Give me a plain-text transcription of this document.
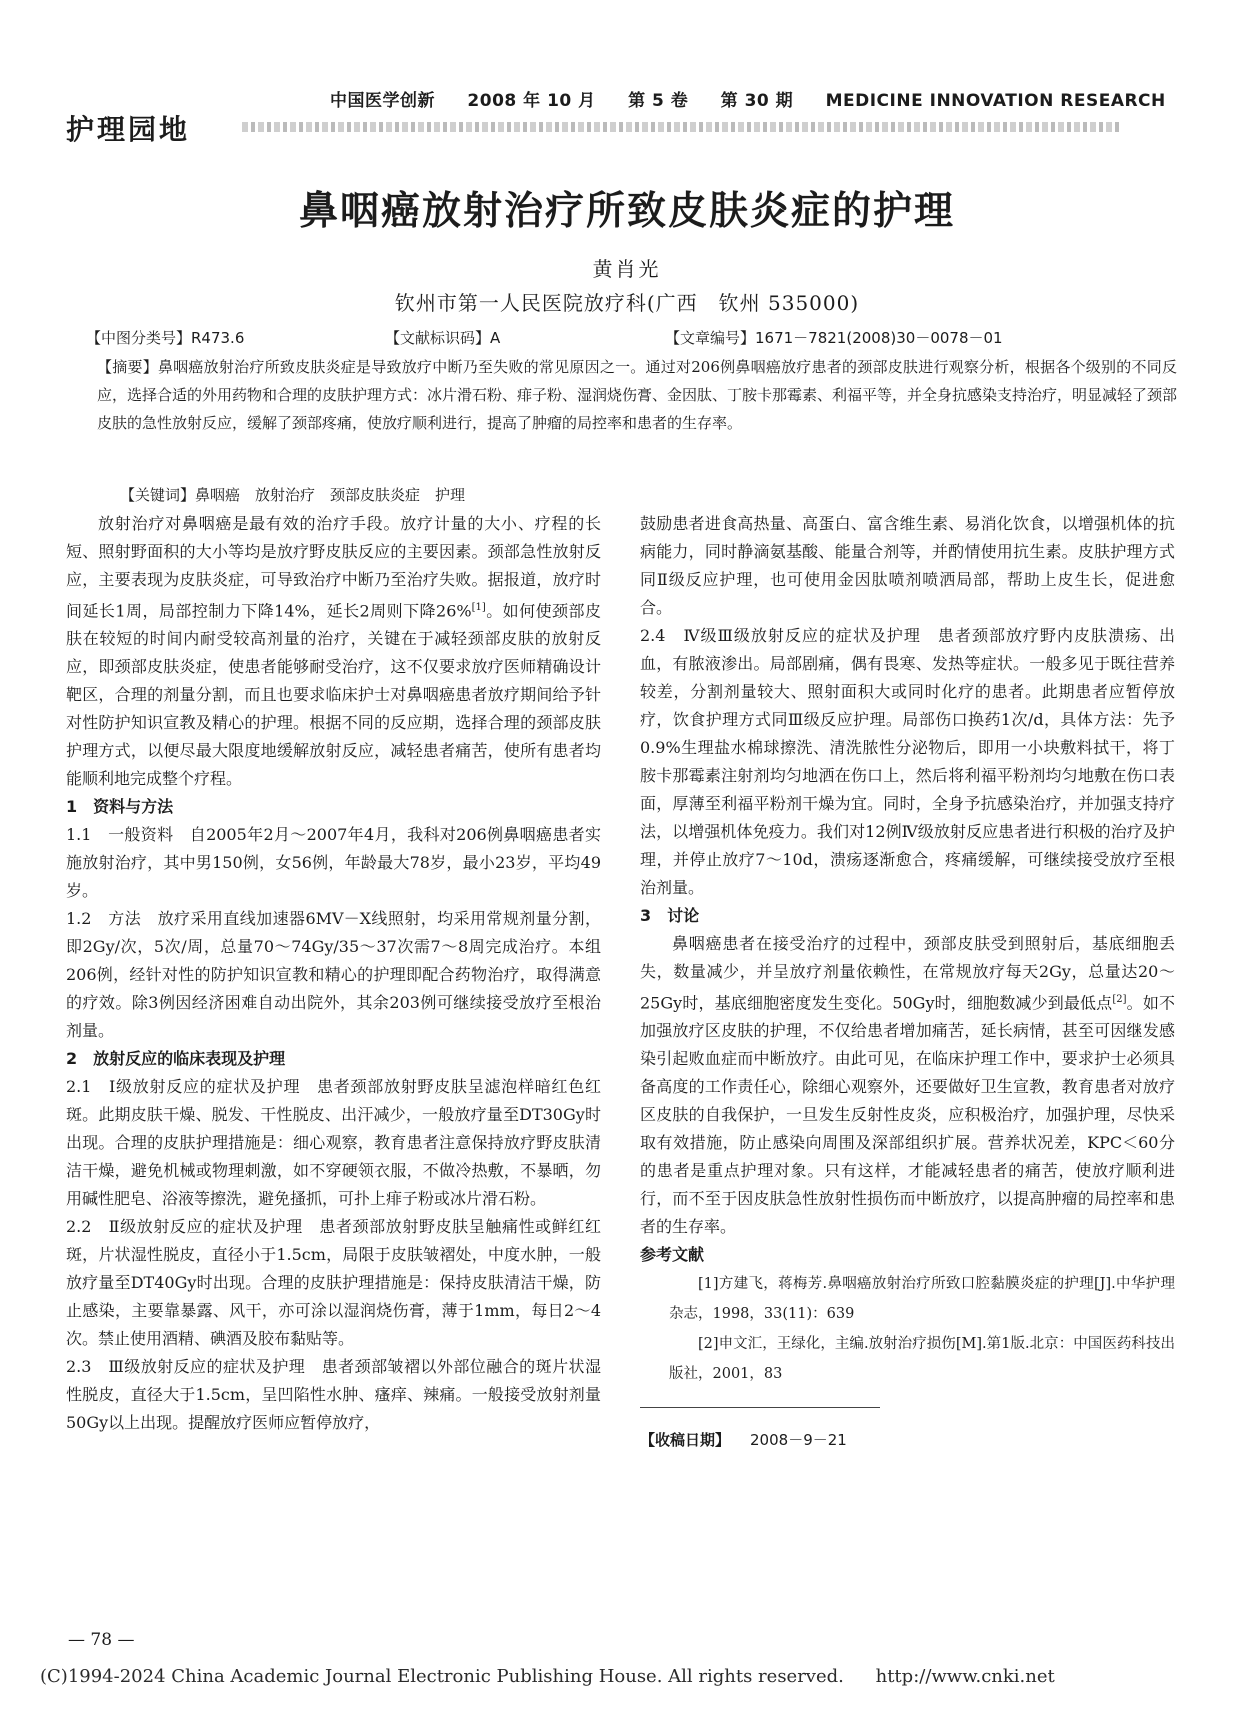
中国医学创新 2008 年 10 月 第 5 卷 第 30 期 MEDICINE INNOVATION RESEARCH
护理园地
鼻咽癌放射治疗所致皮肤炎症的护理
黄肖光
钦州市第一人民医院放疗科(广西　钦州 535000)
【中图分类号】R473.6	【文献标识码】A	【文章编号】1671－7821(2008)30－0078－01
【摘要】鼻咽癌放射治疗所致皮肤炎症是导致放疗中断乃至失败的常见原因之一。通过对206例鼻咽癌放疗患者的颈部皮肤进行观察分析，根据各个级别的不同反应，选择合适的外用药物和合理的皮肤护理方式：冰片滑石粉、痱子粉、湿润烧伤膏、金因肽、丁胺卡那霉素、利福平等，并全身抗感染支持治疗，明显减轻了颈部皮肤的急性放射反应，缓解了颈部疼痛，使放疗顺利进行，提高了肿瘤的局控率和患者的生存率。
【关键词】鼻咽癌　放射治疗　颈部皮肤炎症　护理

放射治疗对鼻咽癌是最有效的治疗手段。放疗计量的大小、疗程的长短、照射野面积的大小等均是放疗野皮肤反应的主要因素。颈部急性放射反应，主要表现为皮肤炎症，可导致治疗中断乃至治疗失败。据报道，放疗时间延长1周，局部控制力下降14%，延长2周则下降26%[1]。如何使颈部皮肤在较短的时间内耐受较高剂量的治疗，关键在于减轻颈部皮肤的放射反应，即颈部皮肤炎症，使患者能够耐受治疗，这不仅要求放疗医师精确设计靶区，合理的剂量分割，而且也要求临床护士对鼻咽癌患者放疗期间给予针对性防护知识宣教及精心的护理。根据不同的反应期，选择合理的颈部皮肤护理方式，以便尽最大限度地缓解放射反应，减轻患者痛苦，使所有患者均能顺利地完成整个疗程。

1　资料与方法

1.1　一般资料　自2005年2月～2007年4月，我科对206例鼻咽癌患者实施放射治疗，其中男150例，女56例，年龄最大78岁，最小23岁，平均49岁。

1.2　方法　放疗采用直线加速器6MV－X线照射，均采用常规剂量分割，即2Gy/次，5次/周，总量70～74Gy/35～37次需7～8周完成治疗。本组206例，经针对性的防护知识宣教和精心的护理即配合药物治疗，取得满意的疗效。除3例因经济困难自动出院外，其余203例可继续接受放疗至根治剂量。

2　放射反应的临床表现及护理

2.1　Ⅰ级放射反应的症状及护理　患者颈部放射野皮肤呈滤泡样暗红色红斑。此期皮肤干燥、脱发、干性脱皮、出汗减少，一般放疗量至DT30Gy时出现。合理的皮肤护理措施是：细心观察，教育患者注意保持放疗野皮肤清洁干燥，避免机械或物理刺激，如不穿硬领衣服，不做冷热敷，不暴晒，勿用碱性肥皂、浴液等擦洗，避免搔抓，可扑上痱子粉或冰片滑石粉。

2.2　Ⅱ级放射反应的症状及护理　患者颈部放射野皮肤呈触痛性或鲜红红斑，片状湿性脱皮，直径小于1.5cm，局限于皮肤皱褶处，中度水肿，一般放疗量至DT40Gy时出现。合理的皮肤护理措施是：保持皮肤清洁干燥，防止感染，主要靠暴露、风干，亦可涂以湿润烧伤膏，薄于1mm，每日2～4次。禁止使用酒精、碘酒及胶布黏贴等。

2.3　Ⅲ级放射反应的症状及护理　患者颈部皱褶以外部位融合的斑片状湿性脱皮，直径大于1.5cm，呈凹陷性水肿、瘙痒、辣痛。一般接受放射剂量50Gy以上出现。提醒放疗医师应暂停放疗，

鼓励患者进食高热量、高蛋白、富含维生素、易消化饮食，以增强机体的抗病能力，同时静滴氨基酸、能量合剂等，并酌情使用抗生素。皮肤护理方式同Ⅱ级反应护理，也可使用金因肽喷剂喷洒局部，帮助上皮生长，促进愈合。

2.4　Ⅳ级Ⅲ级放射反应的症状及护理　患者颈部放疗野内皮肤溃疡、出血，有脓液渗出。局部剧痛，偶有畏寒、发热等症状。一般多见于既往营养较差，分割剂量较大、照射面积大或同时化疗的患者。此期患者应暂停放疗，饮食护理方式同Ⅲ级反应护理。局部伤口换药1次/d，具体方法：先予0.9%生理盐水棉球擦洗、清洗脓性分泌物后，即用一小块敷料拭干，将丁胺卡那霉素注射剂均匀地洒在伤口上，然后将利福平粉剂均匀地敷在伤口表面，厚薄至利福平粉剂干燥为宜。同时，全身予抗感染治疗，并加强支持疗法，以增强机体免疫力。我们对12例Ⅳ级放射反应患者进行积极的治疗及护理，并停止放疗7～10d，溃疡逐渐愈合，疼痛缓解，可继续接受放疗至根治剂量。

3　讨论

鼻咽癌患者在接受治疗的过程中，颈部皮肤受到照射后，基底细胞丢失，数量减少，并呈放疗剂量依赖性，在常规放疗每天2Gy，总量达20～25Gy时，基底细胞密度发生变化。50Gy时，细胞数减少到最低点[2]。如不加强放疗区皮肤的护理，不仅给患者增加痛苦，延长病情，甚至可因继发感染引起败血症而中断放疗。由此可见，在临床护理工作中，要求护士必须具备高度的工作责任心，除细心观察外，还要做好卫生宣教，教育患者对放疗区皮肤的自我保护，一旦发生反射性皮炎，应积极治疗，加强护理，尽快采取有效措施，防止感染向周围及深部组织扩展。营养状况差，KPC＜60分的患者是重点护理对象。只有这样，才能减轻患者的痛苦，使放疗顺利进行，而不至于因皮肤急性放射性损伤而中断放疗，以提高肿瘤的局控率和患者的生存率。

参考文献

[1]方建飞，蒋梅芳.鼻咽癌放射治疗所致口腔黏膜炎症的护理[J].中华护理杂志，1998，33(11)：639

[2]申文汇，王绿化，主编.放射治疗损伤[M].第1版.北京：中国医药科技出版社，2001，83

【收稿日期】 2008－9－21

— 78 —
(C)1994-2024 China Academic Journal Electronic Publishing House. All rights reserved. http://www.cnki.net
